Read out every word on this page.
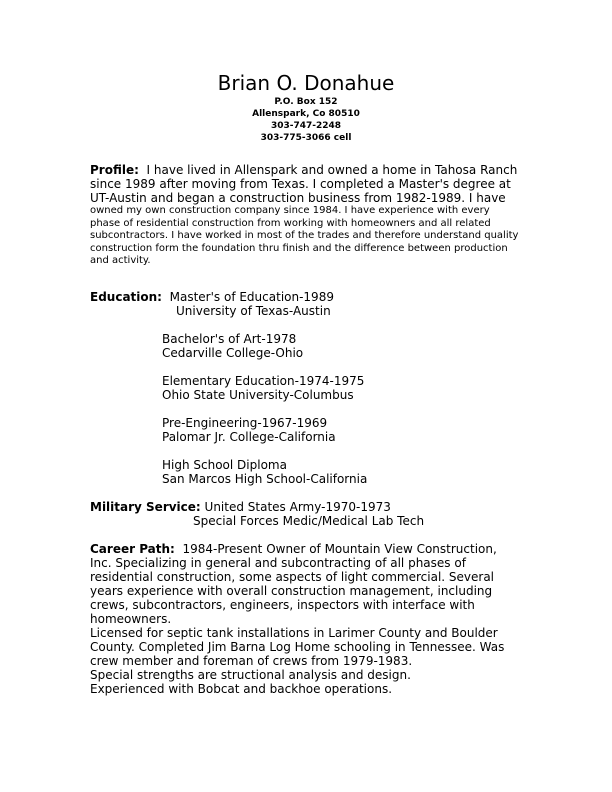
Brian O. Donahue
P.O. Box 152
Allenspark, Co 80510
303-747-2248
303-775-3066 cell
Profile: I have lived in Allenspark and owned a home in Tahosa Ranch since 1989 after moving from Texas. I completed a Master's degree at UT-Austin and began a construction business from 1982-1989. I have
owned my own construction company since 1984. I have experience with every phase of residential construction from working with homeowners and all related subcontractors. I have worked in most of the trades and therefore understand quality construction form the foundation thru finish and the difference between production and activity.
Education: Master's of Education-1989
University of Texas-Austin
Bachelor's of Art-1978
Cedarville College-Ohio
Elementary Education-1974-1975
Ohio State University-Columbus
Pre-Engineering-1967-1969
Palomar Jr. College-California
High School Diploma
San Marcos High School-California
Military Service: United States Army-1970-1973
Special Forces Medic/Medical Lab Tech
Career Path: 1984-Present Owner of Mountain View Construction, Inc. Specializing in general and subcontracting of all phases of residential construction, some aspects of light commercial. Several years experience with overall construction management, including crews, subcontractors, engineers, inspectors with interface with homeowners.
Licensed for septic tank installations in Larimer County and Boulder County. Completed Jim Barna Log Home schooling in Tennessee. Was crew member and foreman of crews from 1979-1983.
Special strengths are structional analysis and design.
Experienced with Bobcat and backhoe operations.
